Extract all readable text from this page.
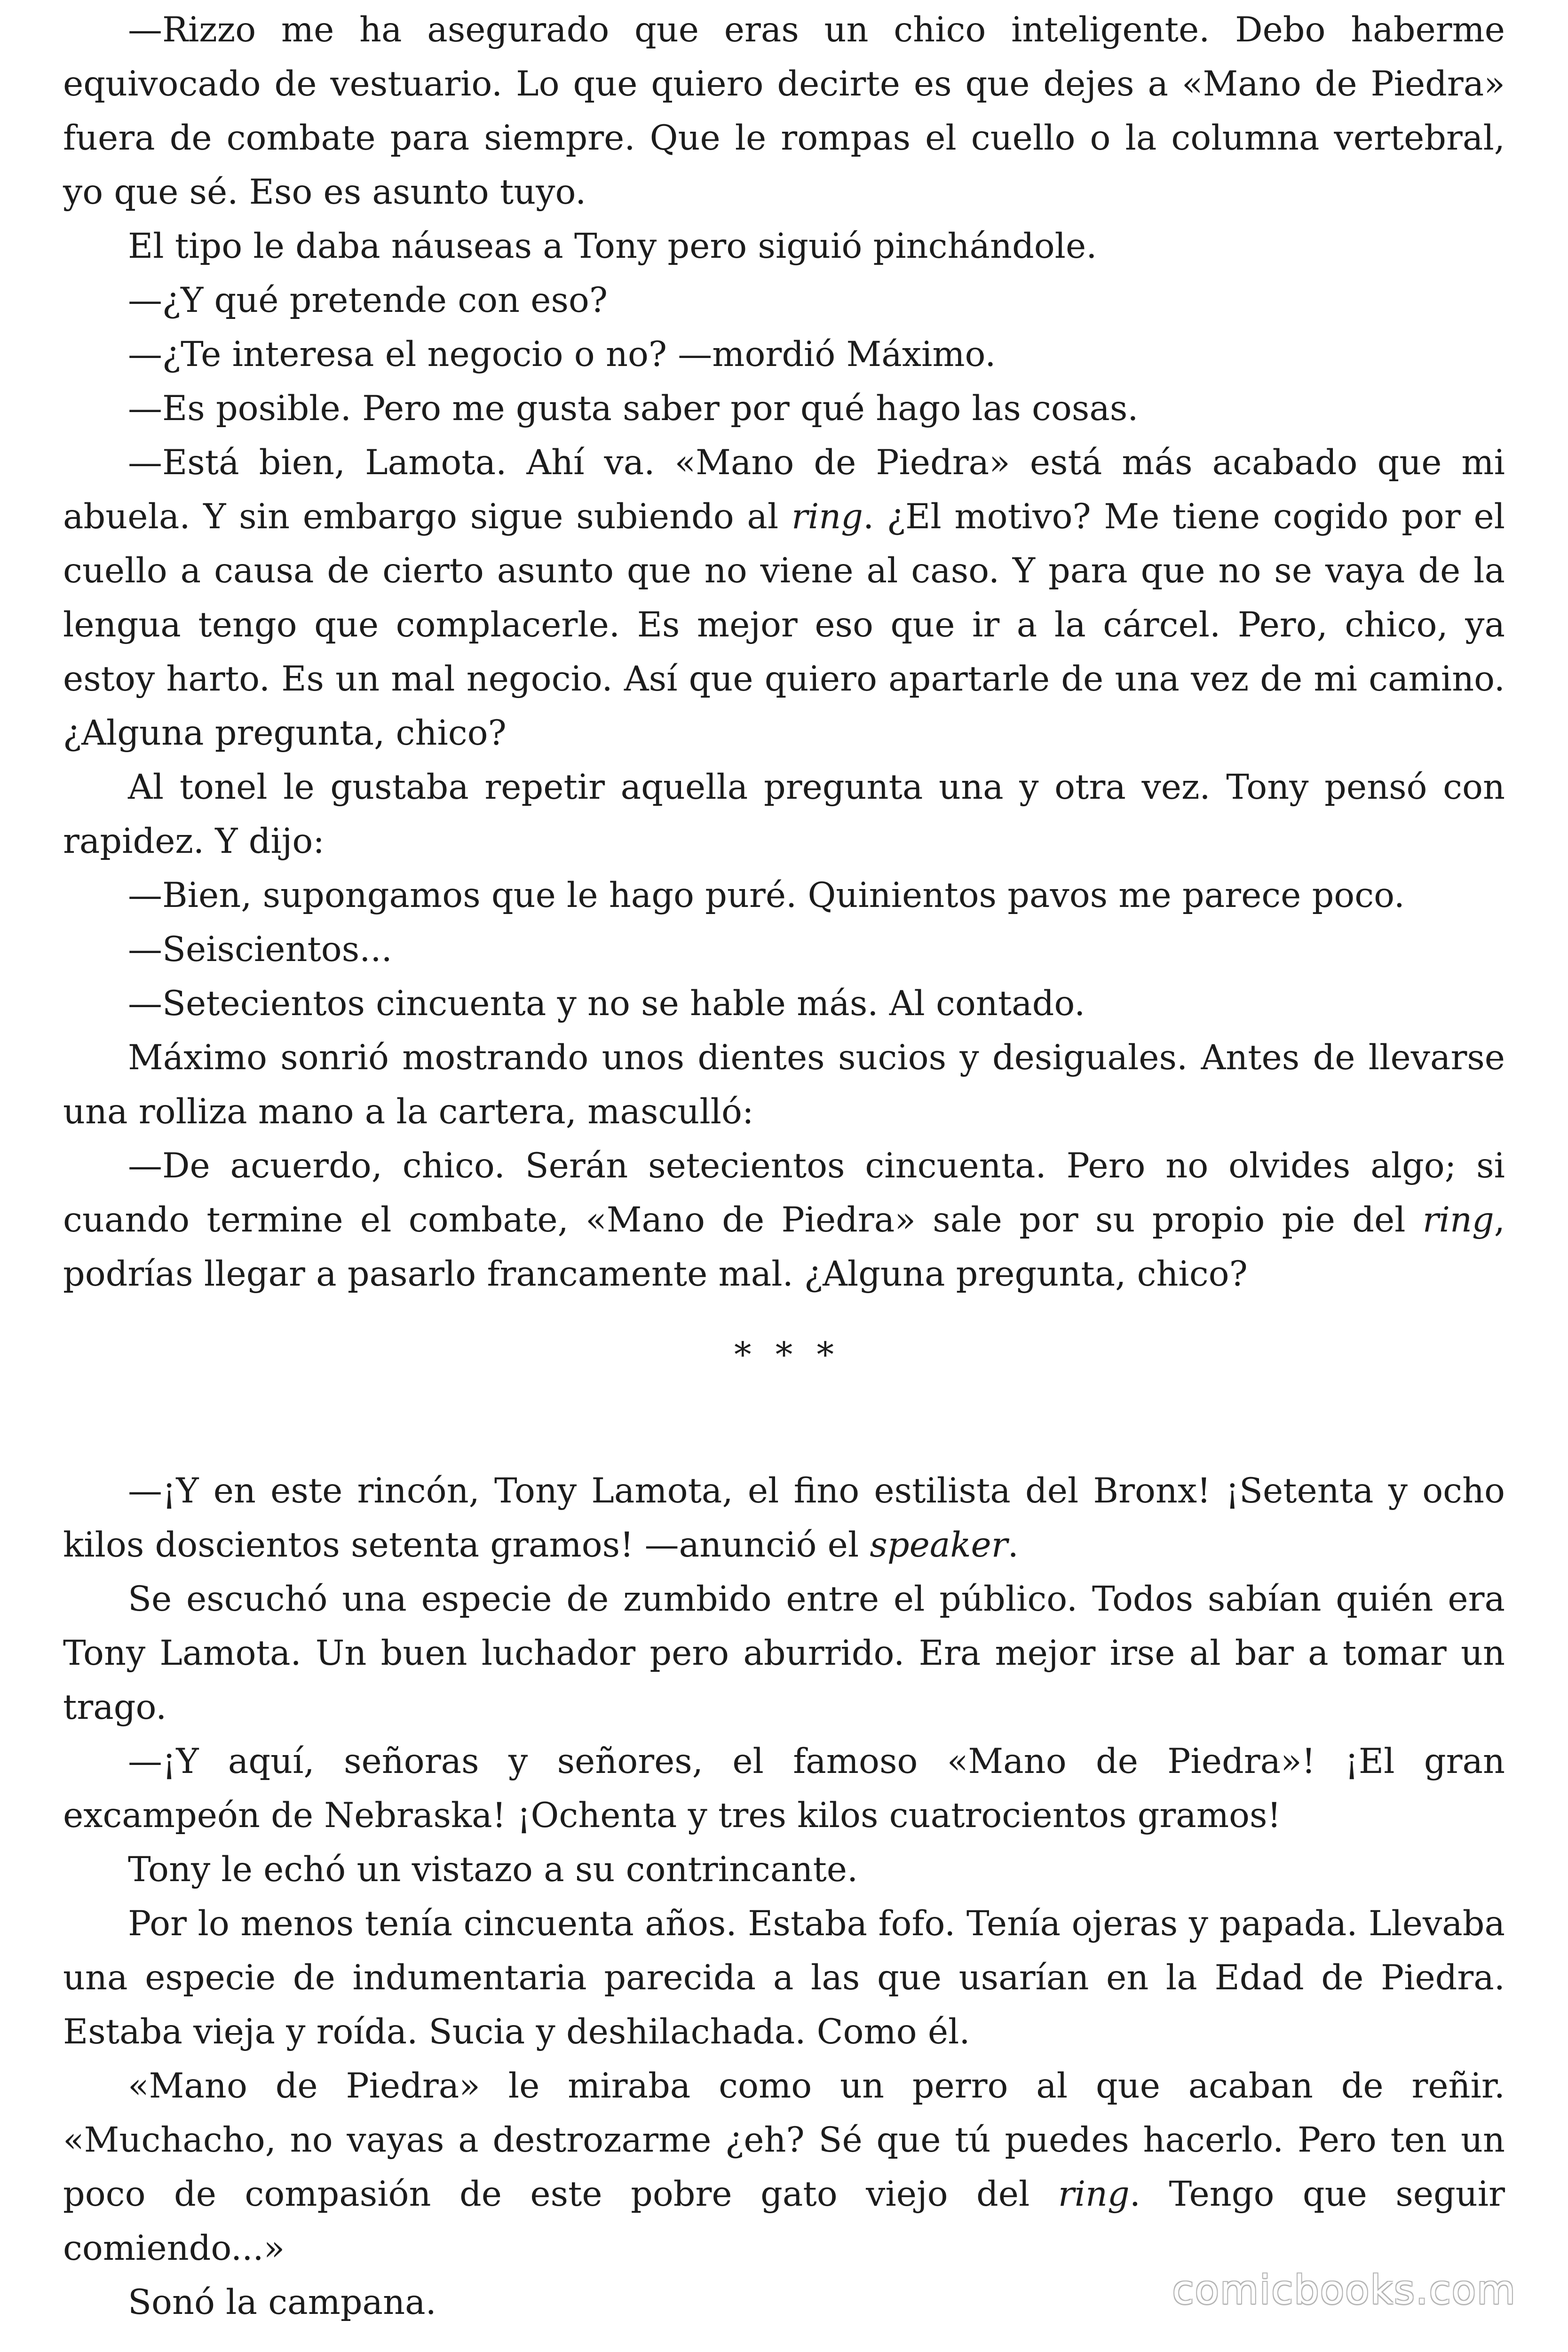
—Rizzo me ha asegurado que eras un chico inteligente. Debo haberme equivocado de vestuario. Lo que quiero decirte es que dejes a «Mano de Piedra» fuera de combate para siempre. Que le rompas el cuello o la columna vertebral, yo que sé. Eso es asunto tuyo.

El tipo le daba náuseas a Tony pero siguió pinchándole.

—¿Y qué pretende con eso?

—¿Te interesa el negocio o no? —mordió Máximo.

—Es posible. Pero me gusta saber por qué hago las cosas.

—Está bien, Lamota. Ahí va. «Mano de Piedra» está más acabado que mi abuela. Y sin embargo sigue subiendo al ring. ¿El motivo? Me tiene cogido por el cuello a causa de cierto asunto que no viene al caso. Y para que no se vaya de la lengua tengo que complacerle. Es mejor eso que ir a la cárcel. Pero, chico, ya estoy harto. Es un mal negocio. Así que quiero apartarle de una vez de mi camino. ¿Alguna pregunta, chico?

Al tonel le gustaba repetir aquella pregunta una y otra vez. Tony pensó con rapidez. Y dijo:

—Bien, supongamos que le hago puré. Quinientos pavos me parece poco.

—Seiscientos...

—Setecientos cincuenta y no se hable más. Al contado.

Máximo sonrió mostrando unos dientes sucios y desiguales. Antes de llevarse una rolliza mano a la cartera, masculló:

—De acuerdo, chico. Serán setecientos cincuenta. Pero no olvides algo; si cuando termine el combate, «Mano de Piedra» sale por su propio pie del ring, podrías llegar a pasarlo francamente mal. ¿Alguna pregunta, chico?

* * *

—¡Y en este rincón, Tony Lamota, el fino estilista del Bronx! ¡Setenta y ocho kilos doscientos setenta gramos! —anunció el speaker.

Se escuchó una especie de zumbido entre el público. Todos sabían quién era Tony Lamota. Un buen luchador pero aburrido. Era mejor irse al bar a tomar un trago.

—¡Y aquí, señoras y señores, el famoso «Mano de Piedra»! ¡El gran excampeón de Nebraska! ¡Ochenta y tres kilos cuatrocientos gramos!

Tony le echó un vistazo a su contrincante.

Por lo menos tenía cincuenta años. Estaba fofo. Tenía ojeras y papada. Llevaba una especie de indumentaria parecida a las que usarían en la Edad de Piedra. Estaba vieja y roída. Sucia y deshilachada. Como él.

«Mano de Piedra» le miraba como un perro al que acaban de reñir. «Muchacho, no vayas a destrozarme ¿eh? Sé que tú puedes hacerlo. Pero ten un poco de compasión de este pobre gato viejo del ring. Tengo que seguir comiendo...»

Sonó la campana.	comicbooks.com
